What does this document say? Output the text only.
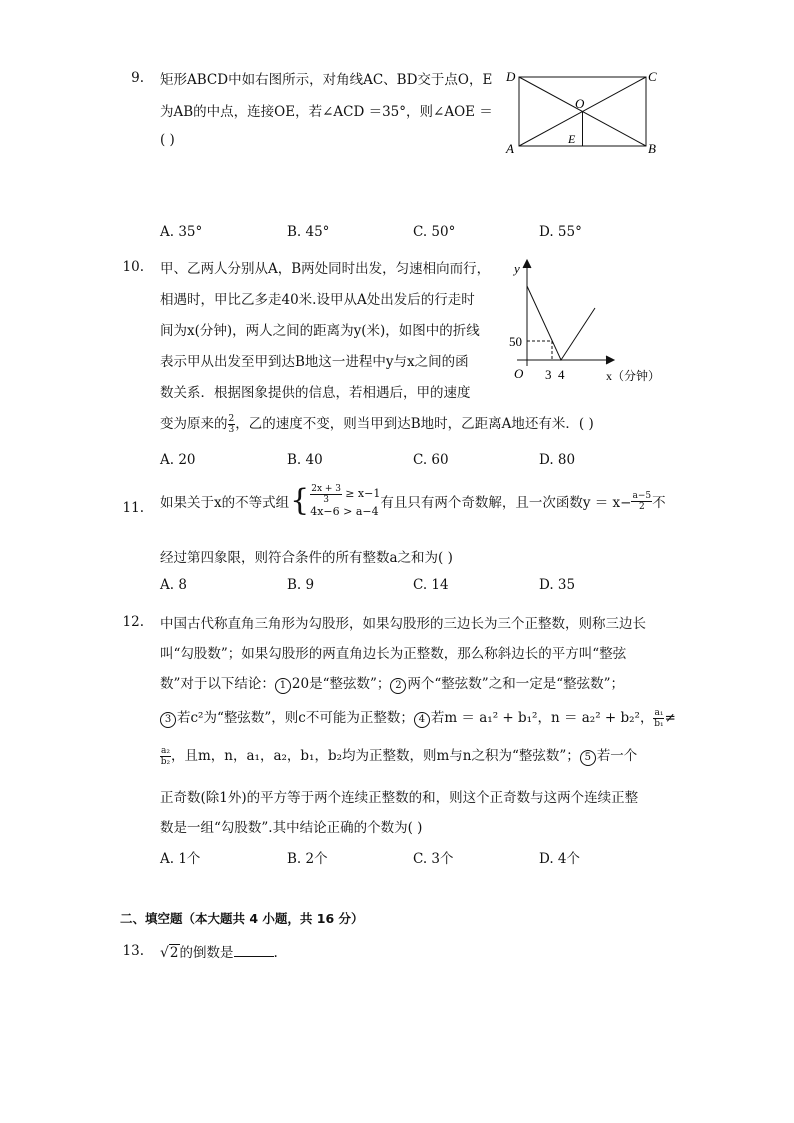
9. 矩形ABCD中如右图所示，对角线AC、BD交于点O，E
为AB的中点，连接OE，若∠ACD ＝35°，则∠AOE ＝
( )
D	C
A	B
O
E
A. 35°	B. 45°	C. 50°	D. 55°
10. 甲、乙两人分别从A，B两处同时出发，匀速相向而行，
相遇时，甲比乙多走40米.设甲从A处出发后的行走时
间为x(分钟)，两人之间的距离为y(米)，如图中的折线
表示甲从出发至甲到达B地这一进程中y与x之间的函
数关系．根据图象提供的信息，若相遇后，甲的速度
变为原来的 $\frac{2}{3}$ ，乙的速度不变，则当甲到达B地时，乙距离A地还有米．( )
y
x（分钟）
O
50
3 4
A. 20	B. 40	C. 60	D. 80
11. 如果关于x的不等式组 { $\frac{2x + 3}{3} \ge x-1$
4x−6 > a−4
有且只有两个奇数解，且一次函数$y = x- \frac{a-5}{2}$ 不
经过第四象限，则符合条件的所有整数a之和为( )
A. 8	B. 9	C. 14	D. 35
12. 中国古代称直角三角形为勾股形，如果勾股形的三边长为三个正整数，则称三边长
叫“勾股数”；如果勾股形的两直角边长为正整数，那么称斜边长的平方叫“整弦
数”对于以下结论： 1 20是“整弦数”； 2 两个“整弦数”之和一定是“整弦数”；
3 若c²为“整弦数”，则c不可能为正整数； 4 若m ＝ a₁² + b₁²，n ＝ a₂² + b₂²， $\frac{\text{a₁}}{\text{b₁}}$ ≠
$\frac{\text{a₂}}{\text{b₂}}$ ，且m，n，a₁，a₂，b₁，b₂均为正整数，则m与n之积为“整弦数”； 5 若一个
正奇数(除1外)的平方等于两个连续正整数的和，则这个正奇数与这两个连续正整
数是一组“勾股数”.其中结论正确的个数为( )
A. 1个	B. 2个	C. 3个	D. 4个
二、填空题（本大题共 4 小题，共 16 分）
13. √2的倒数是	.
